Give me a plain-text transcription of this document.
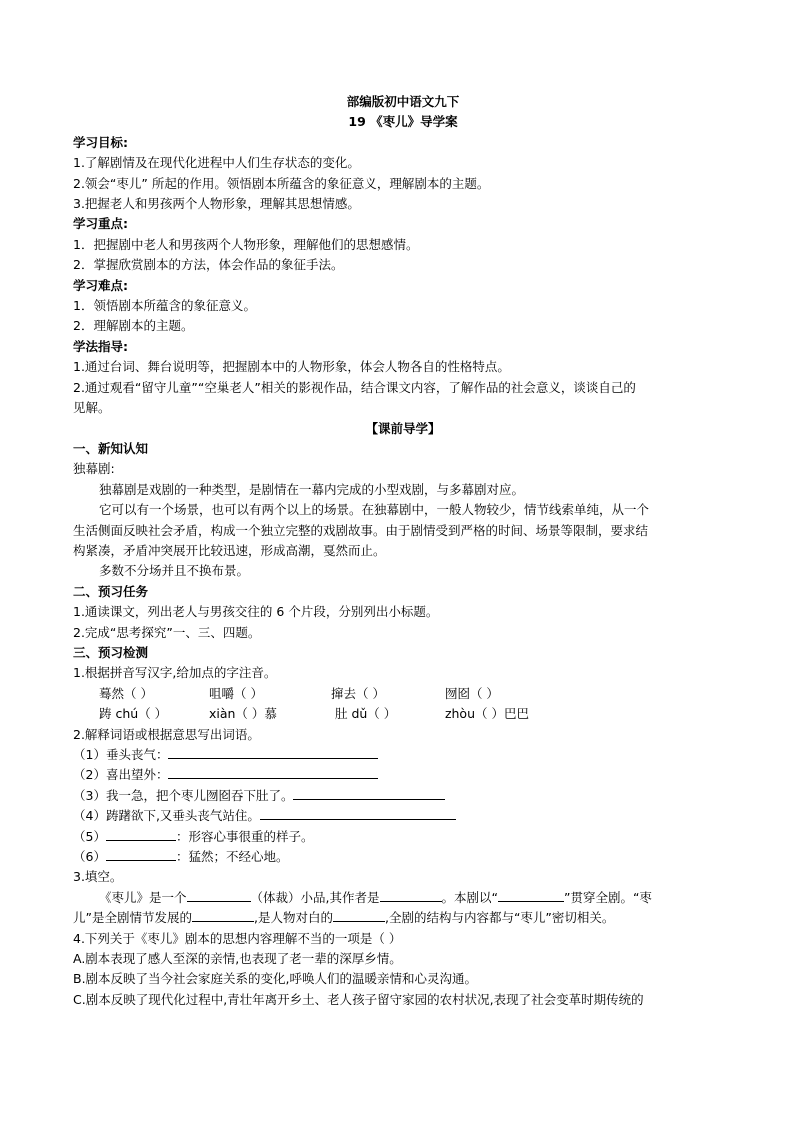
部编版初中语文九下
19 《枣儿》导学案
学习目标:
1.了解剧情及在现代化进程中人们生存状态的变化。
2.领会“枣儿” 所起的作用。领悟剧本所蕴含的象征意义，理解剧本的主题。
3.把握老人和男孩两个人物形象，理解其思想情感。
学习重点:
1．把握剧中老人和男孩两个人物形象，理解他们的思想感情。
2．掌握欣赏剧本的方法，体会作品的象征手法。
学习难点:
1．领悟剧本所蕴含的象征意义。
2．理解剧本的主题。
学法指导:
1.通过台词、舞台说明等，把握剧本中的人物形象，体会人物各自的性格特点。
2.通过观看“留守儿童”“空巢老人”相关的影视作品，结合课文内容，了解作品的社会意义，谈谈自己的
见解。
【课前导学】
一、新知认知
独幕剧:
独幕剧是戏剧的一种类型，是剧情在一幕内完成的小型戏剧，与多幕剧对应。
它可以有一个场景，也可以有两个以上的场景。在独幕剧中，一般人物较少，情节线索单纯，从一个
生活侧面反映社会矛盾，构成一个独立完整的戏剧故事。由于剧情受到严格的时间、场景等限制，要求结
构紧凑，矛盾冲突展开比较迅速，形成高潮，戛然而止。
多数不分场并且不换布景。
二、预习任务
1.通读课文，列出老人与男孩交往的 6 个片段，分别列出小标题。
2.完成“思考探究”一、三、四题。
三、预习检测
1.根据拼音写汉字,给加点的字注音。
蓦然（ ）	咀嚼（ ）	撺去（ ）	囫囵（ ）
踌 chú（ ）	xiàn（ ）慕	肚 dǔ（ ）	zhòu（ ）巴巴
2.解释词语或根据意思写出词语。
（1）垂头丧气：
（2）喜出望外：
（3）我一急，把个枣儿囫囵吞下肚了。
（4）踌躇欲下,又垂头丧气站住。
（5）	：形容心事很重的样子。
（6）	：猛然；不经心地。
3.填空。
《枣儿》是一个	（体裁）小品,其作者是	。本剧以“	”贯穿全剧。“枣
儿”是全剧情节发展的	,是人物对白的	,全剧的结构与内容都与“枣儿”密切相关。
4.下列关于《枣儿》剧本的思想内容理解不当的一项是（ ）
A.剧本表现了感人至深的亲情,也表现了老一辈的深厚乡情。
B.剧本反映了当今社会家庭关系的变化,呼唤人们的温暖亲情和心灵沟通。
C.剧本反映了现代化过程中,青壮年离开乡土、老人孩子留守家园的农村状况,表现了社会变革时期传统的
